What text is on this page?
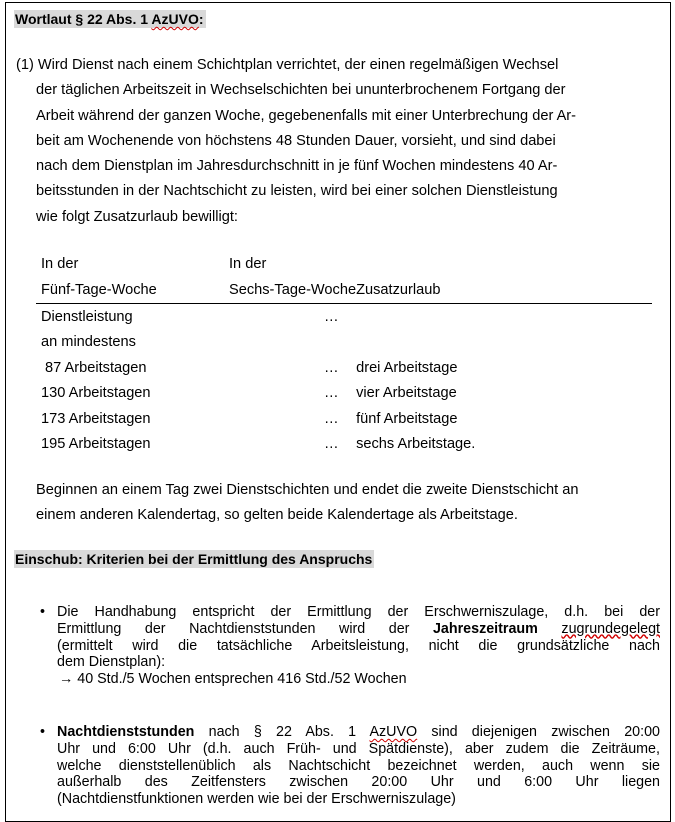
Wortlaut § 22 Abs. 1 AzUVO:
(1) Wird Dienst nach einem Schichtplan verrichtet, der einen regelmäßigen Wechsel
der täglichen Arbeitszeit in Wechselschichten bei ununterbrochenem Fortgang der
Arbeit während der ganzen Woche, gegebenenfalls mit einer Unterbrechung der Ar-
beit am Wochenende von höchstens 48 Stunden Dauer, vorsieht, und sind dabei
nach dem Dienstplan im Jahresdurchschnitt in je fünf Wochen mindestens 40 Ar-
beitsstunden in der Nachtschicht zu leisten, wird bei einer solchen Dienstleistung
wie folgt Zusatzurlaub bewilligt:
In der	In der	
Fünf-Tage-Woche	Sechs-Tage-Woche	Zusatzurlaub
Dienstleistung	…	
an mindestens		
87 Arbeitstagen	…	drei Arbeitstage
130 Arbeitstagen	…	vier Arbeitstage
173 Arbeitstagen	…	fünf Arbeitstage
195 Arbeitstagen	…	sechs Arbeitstage.
Beginnen an einem Tag zwei Dienstschichten und endet die zweite Dienstschicht an
einem anderen Kalendertag, so gelten beide Kalendertage als Arbeitstage.
Einschub: Kriterien bei der Ermittlung des Anspruchs
• Die Handhabung entspricht der Ermittlung der Erschwerniszulage, d.h. bei der
Ermittlung der Nachtdienststunden wird der Jahreszeitraum zugrundegelegt
(ermittelt wird die tatsächliche Arbeitsleistung, nicht die grundsätzliche nach
dem Dienstplan):
→ 40 Std./5 Wochen entsprechen 416 Std./52 Wochen
• Nachtdienststunden nach § 22 Abs. 1 AzUVO sind diejenigen zwischen 20:00
Uhr und 6:00 Uhr (d.h. auch Früh- und Spätdienste), aber zudem die Zeiträume,
welche dienststellenüblich als Nachtschicht bezeichnet werden, auch wenn sie
außerhalb des Zeitfensters zwischen 20:00 Uhr und 6:00 Uhr liegen
(Nachtdienstfunktionen werden wie bei der Erschwerniszulage)
